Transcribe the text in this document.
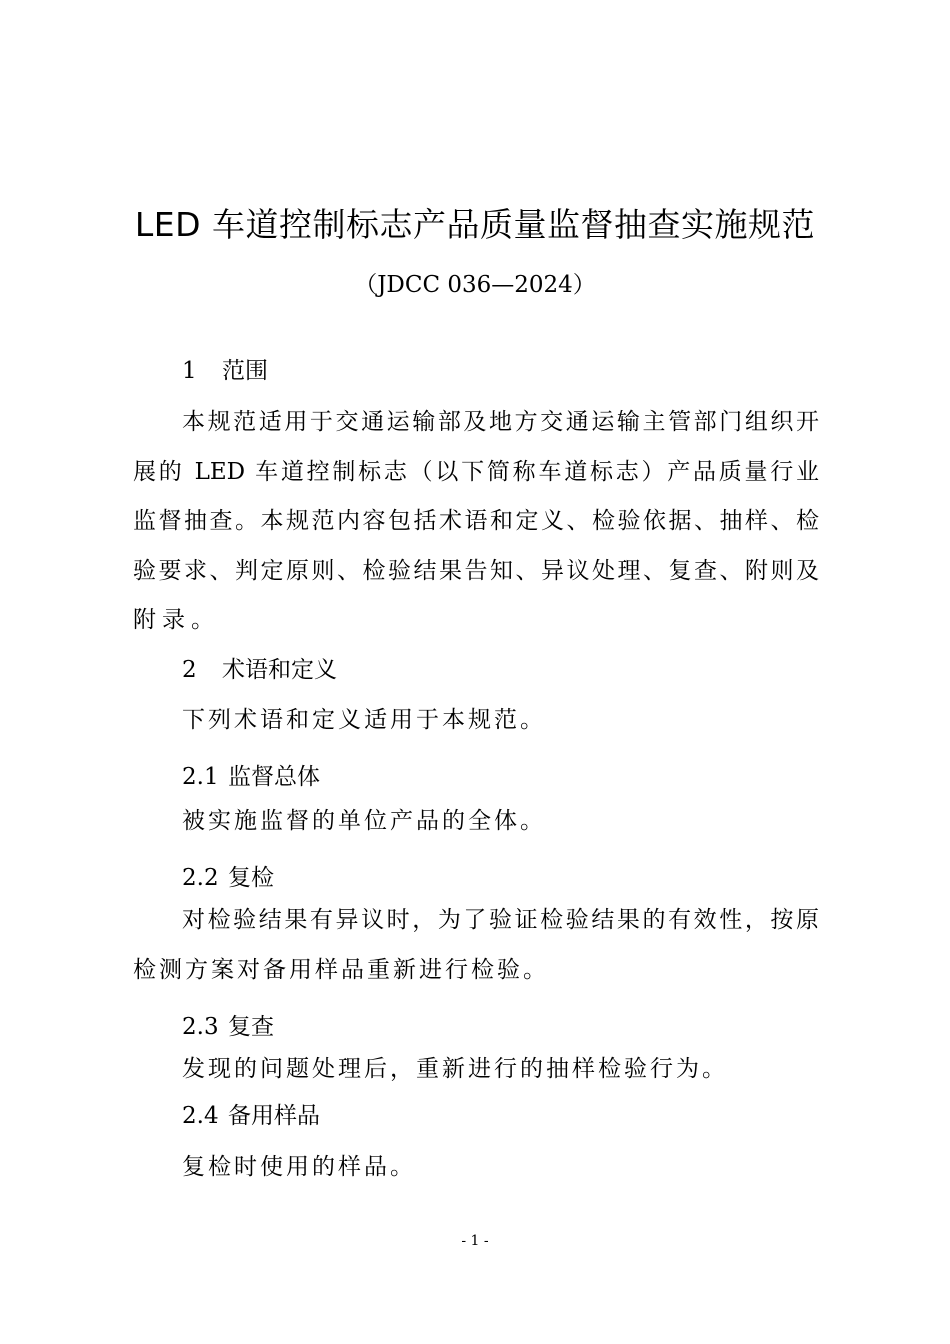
LED 车道控制标志产品质量监督抽查实施规范
（JDCC 036—2024）
1 范围
本规范适用于交通运输部及地方交通运输主管部门组织开
展的 LED 车道控制标志（以下简称车道标志）产品质量行业
监督抽查。本规范内容包括术语和定义、检验依据、抽样、检
验要求、判定原则、检验结果告知、异议处理、复查、附则及
附录。
2 术语和定义
下列术语和定义适用于本规范。
2.1 监督总体
被实施监督的单位产品的全体。
2.2 复检
对检验结果有异议时，为了验证检验结果的有效性，按原
检测方案对备用样品重新进行检验。
2.3 复查
发现的问题处理后，重新进行的抽样检验行为。
2.4 备用样品
复检时使用的样品。
- 1 -
